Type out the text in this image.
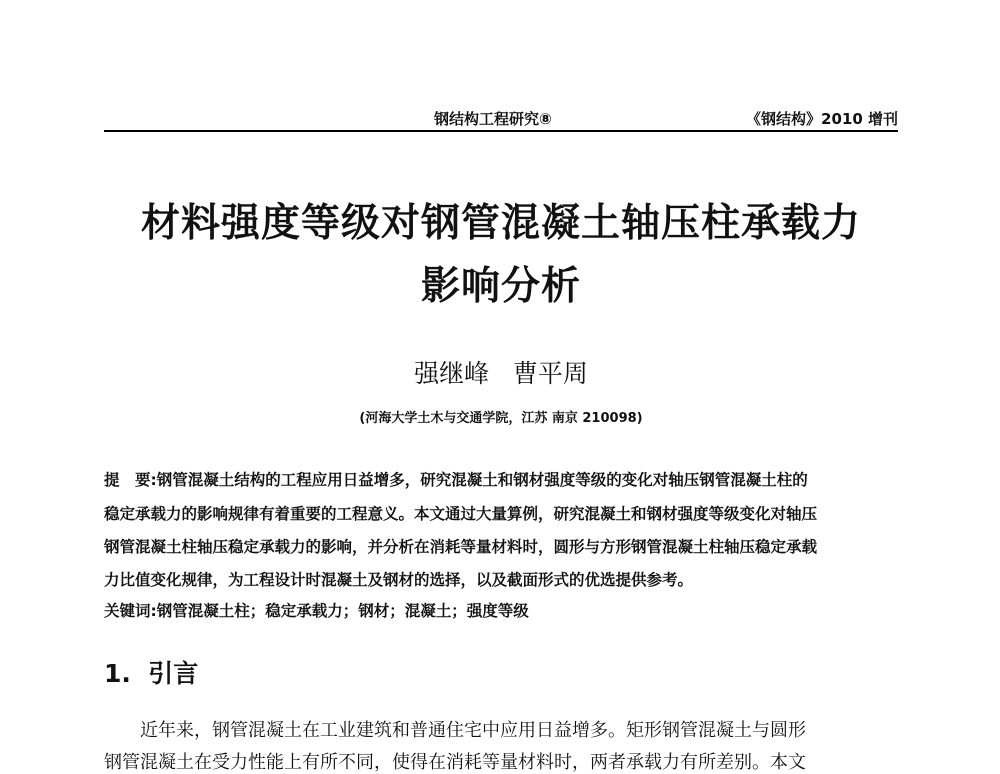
钢结构工程研究⑧	《钢结构》2010 增刊
材料强度等级对钢管混凝土轴压柱承载力
影响分析
强继峰   曹平周
(河海大学土木与交通学院，江苏 南京 210098)
提　要:钢管混凝土结构的工程应用日益增多，研究混凝土和钢材强度等级的变化对轴压钢管混凝土柱的
稳定承载力的影响规律有着重要的工程意义。本文通过大量算例，研究混凝土和钢材强度等级变化对轴压
钢管混凝土柱轴压稳定承载力的影响，并分析在消耗等量材料时，圆形与方形钢管混凝土柱轴压稳定承载
力比值变化规律，为工程设计时混凝土及钢材的选择，以及截面形式的优选提供参考。
关键词:钢管混凝土柱；稳定承载力；钢材；混凝土；强度等级
1.  引言
近年来，钢管混凝土在工业建筑和普通住宅中应用日益增多。矩形钢管混凝土与圆形
钢管混凝土在受力性能上有所不同，使得在消耗等量材料时，两者承载力有所差别。本文
